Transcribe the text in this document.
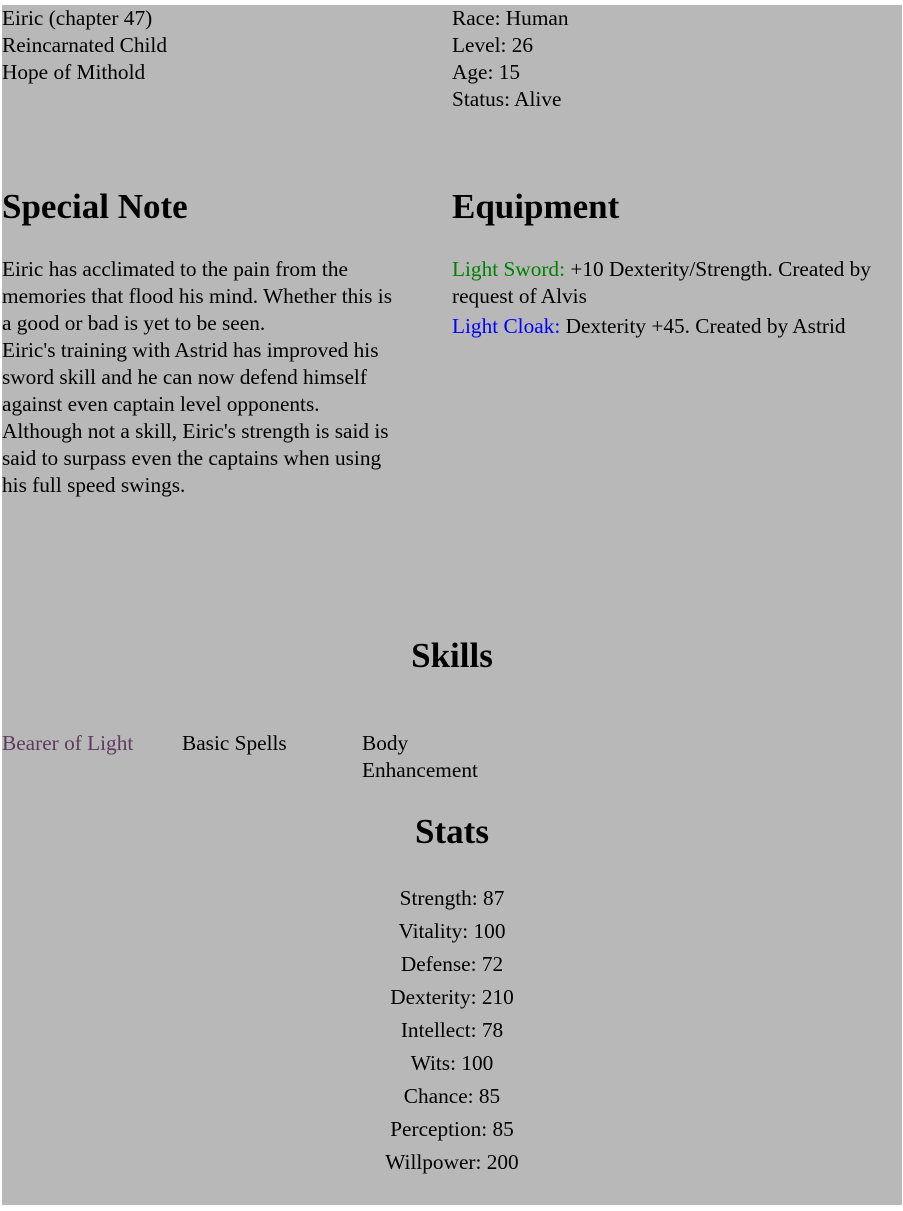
Eiric (chapter 47)
Reincarnated Child
Hope of Mithold
Race: Human
Level: 26
Age: 15
Status: Alive
Special Note	Equipment
Eiric has acclimated to the pain from the
memories that flood his mind. Whether this is
a good or bad is yet to be seen.
Eiric's training with Astrid has improved his
sword skill and he can now defend himself
against even captain level opponents.
Although not a skill, Eiric's strength is said is
said to surpass even the captains when using
his full speed swings.
Light Sword: +10 Dexterity/Strength. Created by request of Alvis
Light Cloak: Dexterity +45. Created by Astrid
Skills
Bearer of Light	Basic Spells	Body Enhancement
Stats
Strength: 87
Vitality: 100
Defense: 72
Dexterity: 210
Intellect: 78
Wits: 100
Chance: 85
Perception: 85
Willpower: 200
